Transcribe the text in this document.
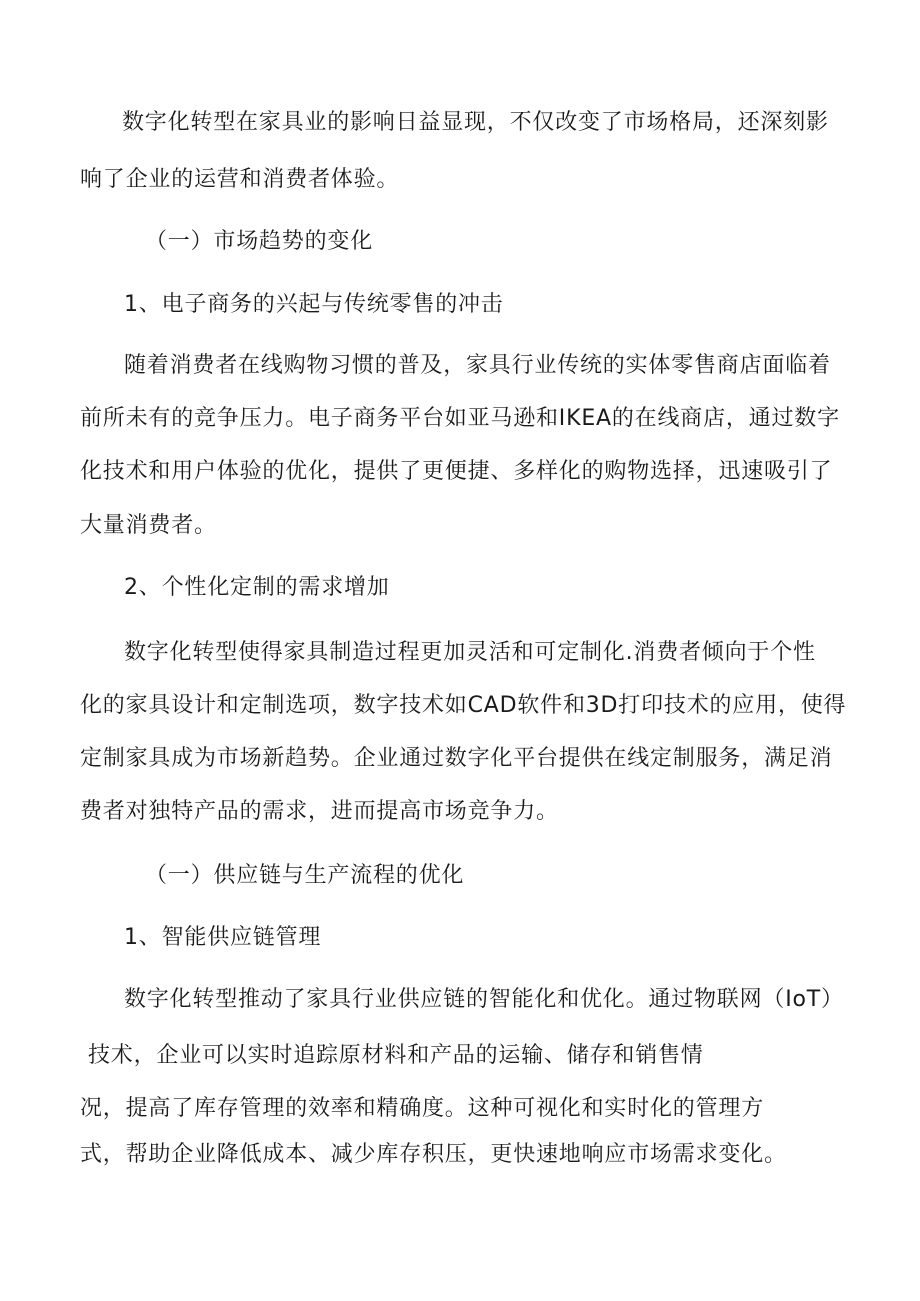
数字化转型在家具业的影响日益显现，不仅改变了市场格局，还深刻影
响了企业的运营和消费者体验。
（一）市场趋势的变化
1、电子商务的兴起与传统零售的冲击
随着消费者在线购物习惯的普及，家具行业传统的实体零售商店面临着
前所未有的竞争压力。电子商务平台如亚马逊和IKEA的在线商店，通过数字
化技术和用户体验的优化，提供了更便捷、多样化的购物选择，迅速吸引了
大量消费者。
2、个性化定制的需求增加
数字化转型使得家具制造过程更加灵活和可定制化.消费者倾向于个性
化的家具设计和定制选项，数字技术如CAD软件和3D打印技术的应用，使得
定制家具成为市场新趋势。企业通过数字化平台提供在线定制服务，满足消
费者对独特产品的需求，进而提高市场竞争力。
（一）供应链与生产流程的优化
1、智能供应链管理
数字化转型推动了家具行业供应链的智能化和优化。通过物联网（IoT）
技术，企业可以实时追踪原材料和产品的运输、储存和销售情
况，提高了库存管理的效率和精确度。这种可视化和实时化的管理方
式，帮助企业降低成本、减少库存积压，更快速地响应市场需求变化。
